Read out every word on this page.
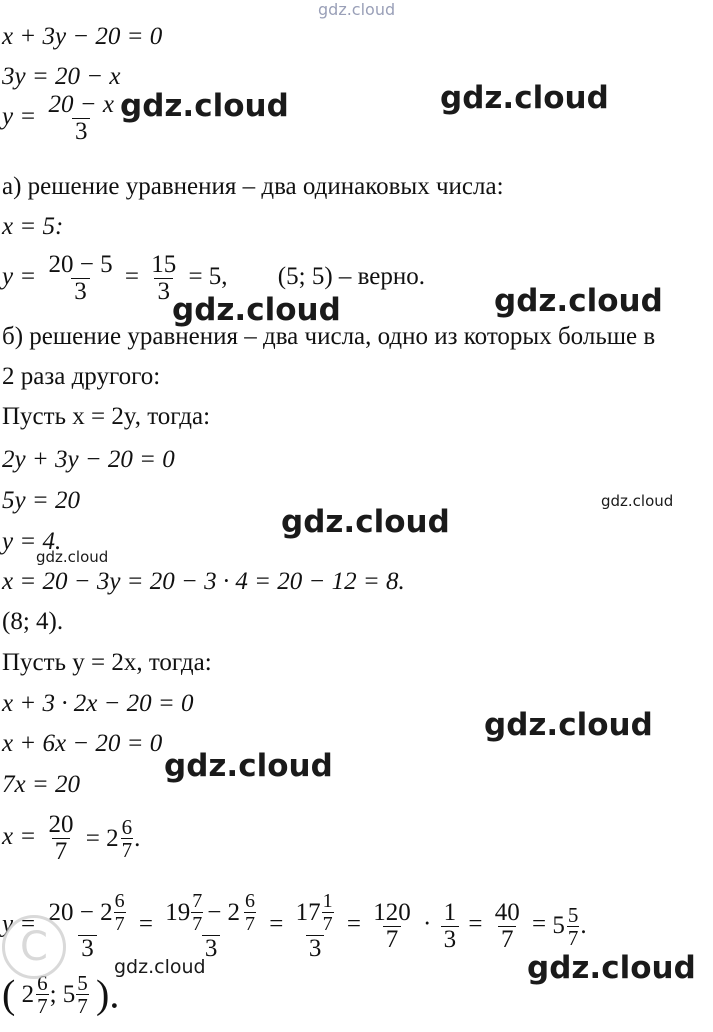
gdz.cloud
x + 3y − 20 = 0
3y = 20 − x
$y = \frac{20 - x}{3}$
а) решение уравнения – два одинаковых числа:
x = 5:
$y = \frac{20 - 5}{3} = \frac{15}{3} = 5$, (5; 5) – верно.
б) решение уравнения – два числа, одно из которых больше в
2 раза другого:
Пусть x = 2y, тогда:
2y + 3y − 20 = 0
5y = 20
y = 4.
x = 20 − 3y = 20 − 3 · 4 = 20 − 12 = 8.
(8; 4).
Пусть y = 2x, тогда:
x + 3 · 2x − 20 = 0
x + 6x − 20 = 0
7x = 20
$x = \frac{20}{7}$
= $2 \frac{6}{7}$ .
$y = \frac{20 - 2 \frac{6}{7}}{3} = 19 \frac{7}{7} - 2 \frac{6}{7}$
3
= $\frac{17 \frac{1}{7}}{3} = \frac{120}{7} \cdot \frac{1}{3} = \frac{40}{7} = 5 \frac{5}{7}$ .
( $2 \frac{6}{7}$ ; $5 \frac{5}{7}$ ).
C
gdz.cloud	gdz.cloud
gdz.cloud	gdz.cloud
gdz.cloud
gdz.cloud
gdz.cloud
gdz.cloud
gdz.cloud
gdz.cloud	gdz.cloud
